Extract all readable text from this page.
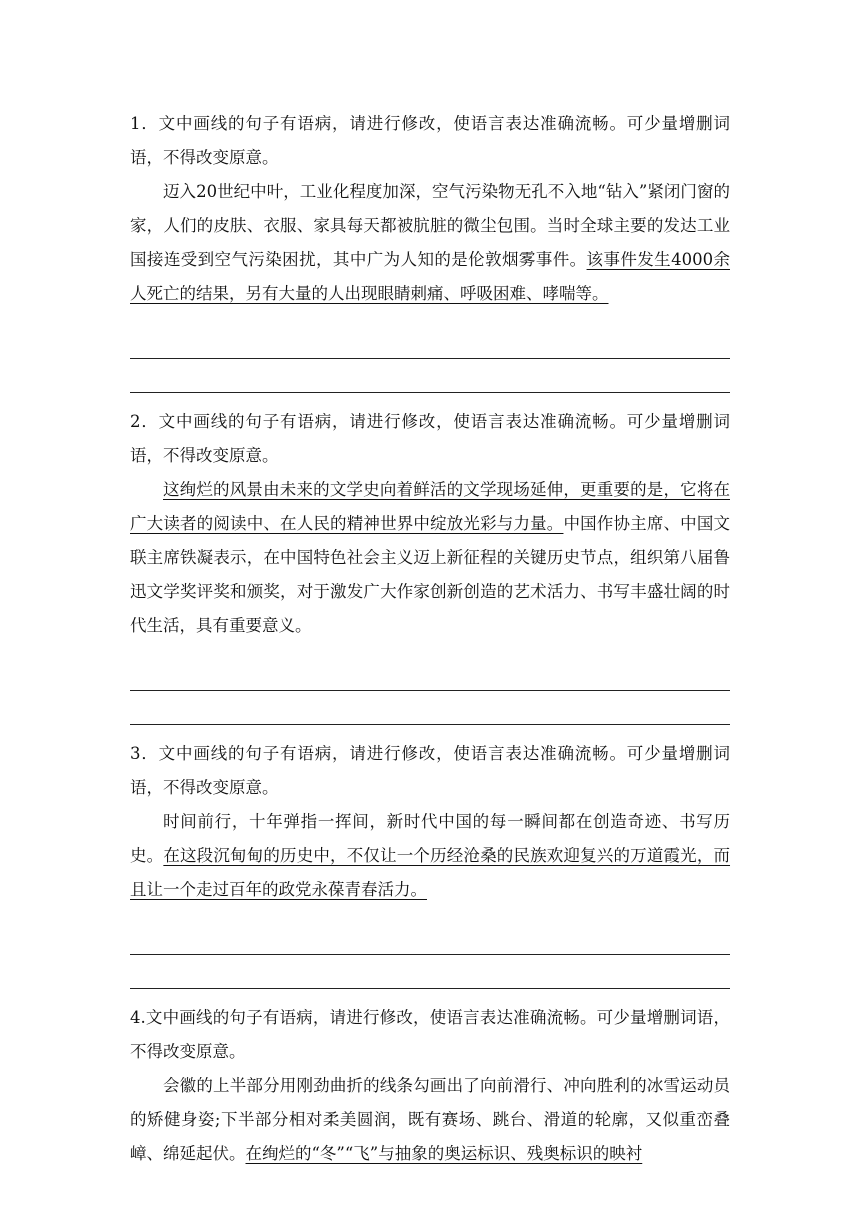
1．文中画线的句子有语病，请进行修改，使语言表达准确流畅。可少量增删词语，不得改变原意。

迈入20世纪中叶，工业化程度加深，空气污染物无孔不入地“钻入”紧闭门窗的家，人们的皮肤、衣服、家具每天都被肮脏的微尘包围。当时全球主要的发达工业国接连受到空气污染困扰，其中广为人知的是伦敦烟雾事件。该事件发生4000余人死亡的结果，另有大量的人出现眼睛刺痛、呼吸困难、哮喘等。

2．文中画线的句子有语病，请进行修改，使语言表达准确流畅。可少量增删词语，不得改变原意。

这绚烂的风景由未来的文学史向着鲜活的文学现场延伸，更重要的是，它将在广大读者的阅读中、在人民的精神世界中绽放光彩与力量。中国作协主席、中国文联主席铁凝表示，在中国特色社会主义迈上新征程的关键历史节点，组织第八届鲁迅文学奖评奖和颁奖，对于激发广大作家创新创造的艺术活力、书写丰盛壮阔的时代生活，具有重要意义。

3．文中画线的句子有语病，请进行修改，使语言表达准确流畅。可少量增删词语，不得改变原意。

时间前行，十年弹指一挥间，新时代中国的每一瞬间都在创造奇迹、书写历史。在这段沉甸甸的历史中，不仅让一个历经沧桑的民族欢迎复兴的万道霞光，而且让一个走过百年的政党永葆青春活力。

4.文中画线的句子有语病，请进行修改，使语言表达准确流畅。可少量增删词语，不得改变原意。

会徽的上半部分用刚劲曲折的线条勾画出了向前滑行、冲向胜利的冰雪运动员的矫健身姿;下半部分相对柔美圆润，既有赛场、跳台、滑道的轮廓，又似重峦叠嶂、绵延起伏。在绚烂的“冬”“飞”与抽象的奥运标识、残奥标识的映衬
